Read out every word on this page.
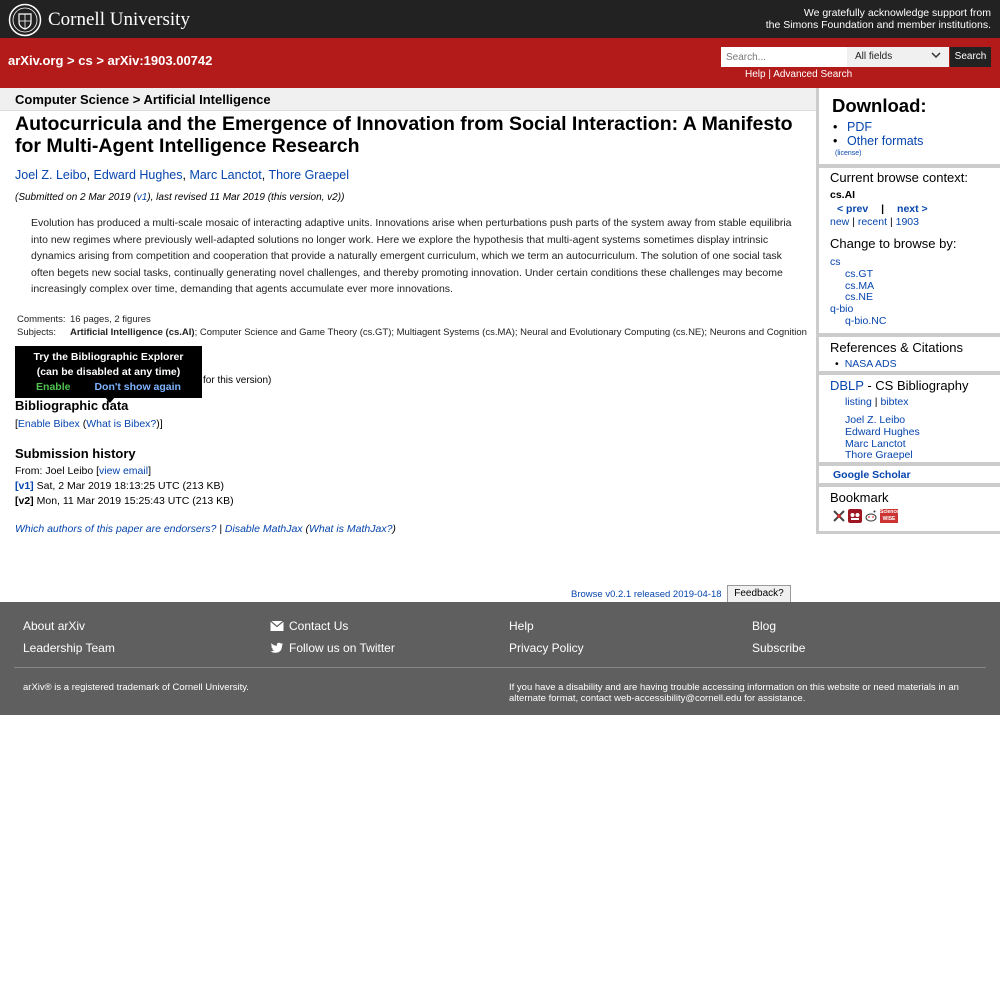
Cornell University	We gratefully acknowledge support from
the Simons Foundation and member institutions.
arXiv.org > cs > arXiv:1903.00742
Search...	All fields	Search
Help | Advanced Search
Computer Science > Artificial Intelligence
Autocurricula and the Emergence of Innovation from Social Interaction: A Manifesto for Multi-Agent Intelligence Research
Joel Z. Leibo, Edward Hughes, Marc Lanctot, Thore Graepel
(Submitted on 2 Mar 2019 (v1), last revised 11 Mar 2019 (this version, v2))
Evolution has produced a multi-scale mosaic of interacting adaptive units. Innovations arise when perturbations push parts of the system away from stable equilibria into new regimes where previously well-adapted solutions no longer work. Here we explore the hypothesis that multi-agent systems sometimes display intrinsic dynamics arising from competition and cooperation that provide a naturally emergent curriculum, which we term an autocurriculum. The solution of one social task often begets new social tasks, continually generating novel challenges, and thereby promoting innovation. Under certain conditions these challenges may become increasingly complex over time, demanding that agents accumulate ever more innovations.
Comments:	16 pages, 2 figures
Subjects:	Artificial Intelligence (cs.AI); Computer Science and Game Theory (cs.GT); Multiagent Systems (cs.MA); Neural and Evolutionary Computing (cs.NE); Neurons and Cognition
for this version)
Try the Bibliographic Explorer
(can be disabled at any time)
Enable Don't show again
Bibliographic data
[Enable Bibex (What is Bibex?)]
Submission history
From: Joel Leibo [view email]
[v1] Sat, 2 Mar 2019 18:13:25 UTC (213 KB)
[v2] Mon, 11 Mar 2019 15:25:43 UTC (213 KB)
Which authors of this paper are endorsers? | Disable MathJax (What is MathJax?)
Browse v0.2.1 released 2019-04-18	Feedback?
Download:
• PDF
• Other formats
(license)
Current browse context:
cs.AI
< prev | next >
new | recent | 1903
Change to browse by:
cs
cs.GT
cs.MA
cs.NE
q-bio
q-bio.NC
References & Citations
• NASA ADS
DBLP - CS Bibliography
listing | bibtex
Joel Z. Leibo
Edward Hughes
Marc Lanctot
Thore Graepel
Google Scholar
Bookmark
Science WISE
About arXiv
Leadership Team
Contact Us
Follow us on Twitter
Help
Privacy Policy
Blog
Subscribe
arXiv® is a registered trademark of Cornell University.	If you have a disability and are having trouble accessing information on this website or need materials in an alternate format, contact web-accessibility@cornell.edu for assistance.
